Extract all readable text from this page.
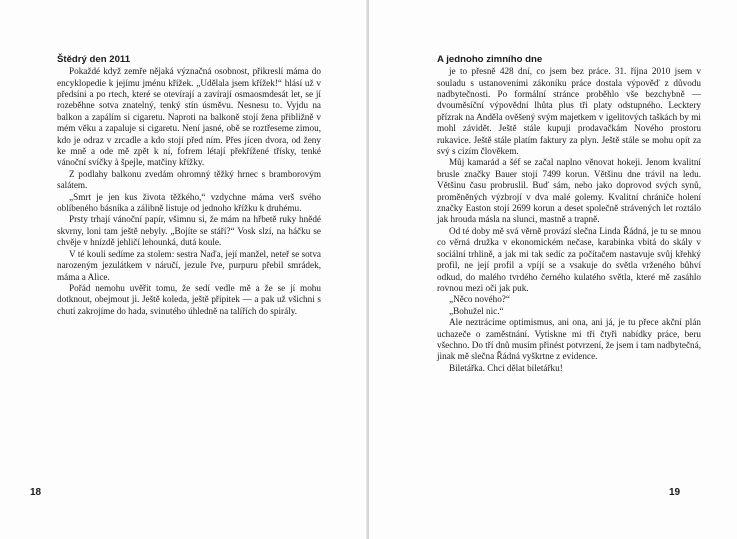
Štědrý den 2011

Pokaždé když zemře nějaká význačná osobnost, přikreslí máma do encyklopedie k jejímu jménu křížek. „Udělala jsem křížek!“ hlásí už v předsíni a po rtech, které se otevírají a zavírají osmaosmdesát let, se jí rozeběhne sotva znatelný, tenký stín úsměvu. Nesnesu to. Vyjdu na balkon a zapálím si cigaretu. Naproti na balkoně stojí žena přibližně v mém věku a zapaluje si cigaretu. Není jasné, obě se roztřeseme zimou, kdo je odraz v zrcadle a kdo stojí před ním. Přes jícen dvora, od ženy ke mně a ode mě zpět k ní, fofrem létají překřížené třísky, tenké vánoční svíčky à špejle, matčiny křížky.

Z podlahy balkonu zvedám ohromný těžký hrnec s bramborovým salátem.

„Smrt je jen kus života těžkého,“ vzdychne máma verš svého oblíbeného básníka a zálibně listuje od jednoho křížku k druhému.

Prsty trhají vánoční papír, všimnu si, že mám na hřbetě ruky hnědé skvrny, loni tam ještě nebyly. „Bojíte se stáří?“ Vosk slzí, na háčku se chvěje v hnízdě jehličí lehounká, dutá koule.

V té kouli sedíme za stolem: sestra Naďa, její manžel, neteř se sotva narozeným jezulátkem v náručí, jezule řve, purpuru přebil smrádek, máma a Alice.

Pořád nemohu uvěřit tomu, že sedí vedle mě a že se jí mohu dotknout, obejmout ji. Ještě koleda, ještě přípitek — a pak už všichni s chutí zakrojíme do hada, svinutého úhledně na talířích do spirály.

18

A jednoho zimního dne

je to přesně 428 dní, co jsem bez práce. 31. října 2010 jsem v souladu s ustanoveními zákoníku práce dostala výpověď z důvodu nadbytečnosti. Po formální stránce proběhlo vše bezchybně — dvouměsíční výpovědní lhůta plus tři platy odstupného. Lecktery přízrak na Anděla ověšený svým majetkem v igelitových taškách by mi mohl závidět. Ještě stále kupuji prodavačkám Nového prostoru rukavice. Ještě stále platím faktury za plyn. Ještě stále se mohu opít za svý s cizím člověkem.

Můj kamarád a šéf se začal naplno věnovat hokeji. Jenom kvalitní brusle značky Bauer stojí 7499 korun. Většinu dne trávil na ledu. Většinu času probruslil. Buď sám, nebo jako doprovod svých synů, proměněných výzbrojí v dva malé golemy. Kvalitní chrániče holení značky Easton stojí 2699 korun a deset společně strávených let roztálo jak hrouda másla na slunci, mastně a trapně.

Od té doby mě svá věrně provází slečna Linda Řádná, je tu se mnou co věrná družka v ekonomickém nečase, karabinka vbitá do skály v sociální trhlině, a jak mi tak sedíc za počítačem nastavuje svůj křehký profil, ne její profil a vpíjí se a vsakuje do světla vrženého bůhví odkud, do malého tvrdého černého kulatého světla, které mě zasáhlo rovnou mezi oči jak puk.

„Něco nového?“

„Bohužel nic.“

Ale neztrácíme optimismus, ani ona, ani já, je tu přece akční plán uchazeče o zaměstnání. Vytiskne mi tři čtyři nabídky práce, beru všechno. Do tří dnů musím přinést potvrzení, že jsem i tam nadbytečná, jinak mě slečna Řádná vyškrtne z evidence.

Biletářka. Chci dělat biletářku!

19
